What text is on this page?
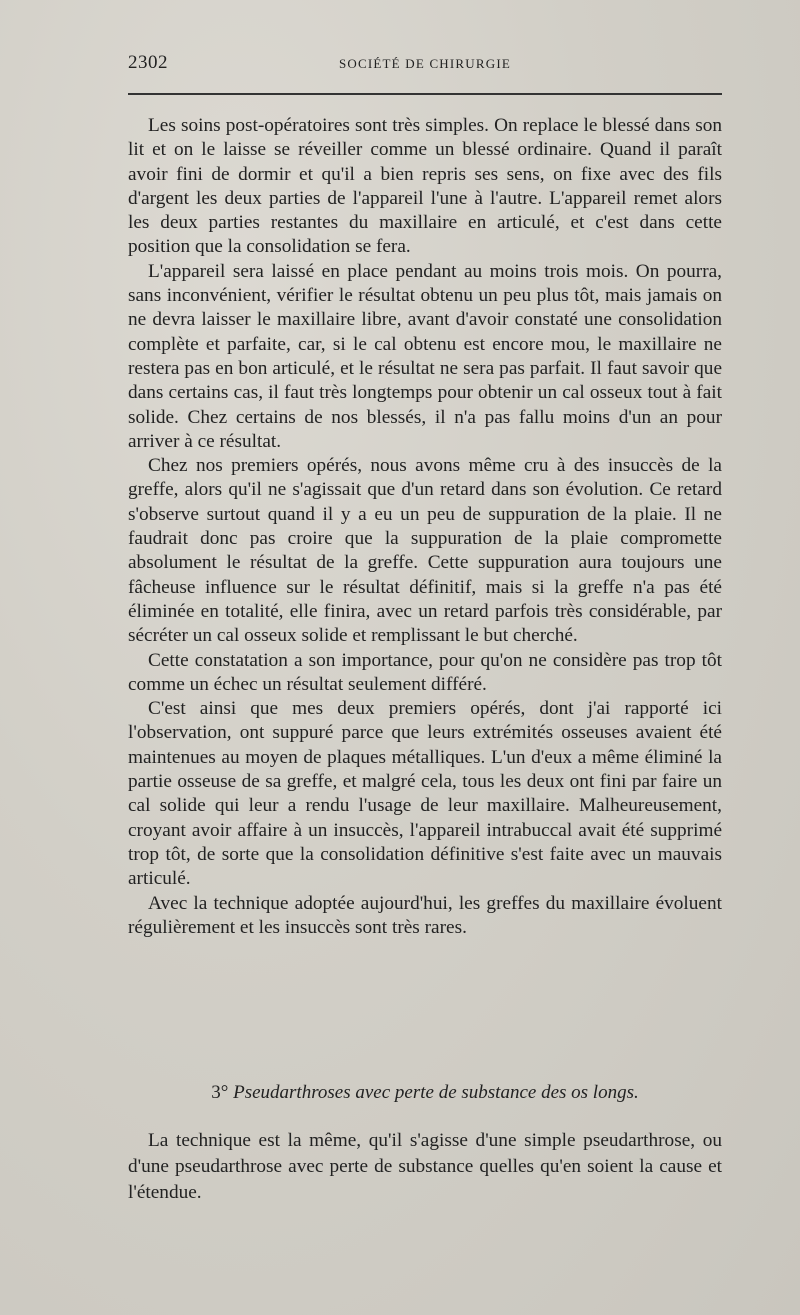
2302	SOCIÉTÉ DE CHIRURGIE

Les soins post-opératoires sont très simples. On replace le blessé dans son lit et on le laisse se réveiller comme un blessé ordinaire. Quand il paraît avoir fini de dormir et qu'il a bien repris ses sens, on fixe avec des fils d'argent les deux parties de l'appareil l'une à l'autre. L'appareil remet alors les deux parties restantes du maxillaire en articulé, et c'est dans cette position que la consolidation se fera.

L'appareil sera laissé en place pendant au moins trois mois. On pourra, sans inconvénient, vérifier le résultat obtenu un peu plus tôt, mais jamais on ne devra laisser le maxillaire libre, avant d'avoir constaté une consolidation complète et parfaite, car, si le cal obtenu est encore mou, le maxillaire ne restera pas en bon articulé, et le résultat ne sera pas parfait. Il faut savoir que dans certains cas, il faut très longtemps pour obtenir un cal osseux tout à fait solide. Chez certains de nos blessés, il n'a pas fallu moins d'un an pour arriver à ce résultat.

Chez nos premiers opérés, nous avons même cru à des insuccès de la greffe, alors qu'il ne s'agissait que d'un retard dans son évolution. Ce retard s'observe surtout quand il y a eu un peu de suppuration de la plaie. Il ne faudrait donc pas croire que la suppuration de la plaie compromette absolument le résultat de la greffe. Cette suppuration aura toujours une fâcheuse influence sur le résultat définitif, mais si la greffe n'a pas été éliminée en totalité, elle finira, avec un retard parfois très considérable, par sécréter un cal osseux solide et remplissant le but cherché.

Cette constatation a son importance, pour qu'on ne considère pas trop tôt comme un échec un résultat seulement différé.

C'est ainsi que mes deux premiers opérés, dont j'ai rapporté ici l'observation, ont suppuré parce que leurs extrémités osseuses avaient été maintenues au moyen de plaques métalliques. L'un d'eux a même éliminé la partie osseuse de sa greffe, et malgré cela, tous les deux ont fini par faire un cal solide qui leur a rendu l'usage de leur maxillaire. Malheureusement, croyant avoir affaire à un insuccès, l'appareil intrabuccal avait été supprimé trop tôt, de sorte que la consolidation définitive s'est faite avec un mauvais articulé.

Avec la technique adoptée aujourd'hui, les greffes du maxillaire évoluent régulièrement et les insuccès sont très rares.

3° Pseudarthroses avec perte de substance des os longs.

La technique est la même, qu'il s'agisse d'une simple pseudarthrose, ou d'une pseudarthrose avec perte de substance quelles qu'en soient la cause et l'étendue.
